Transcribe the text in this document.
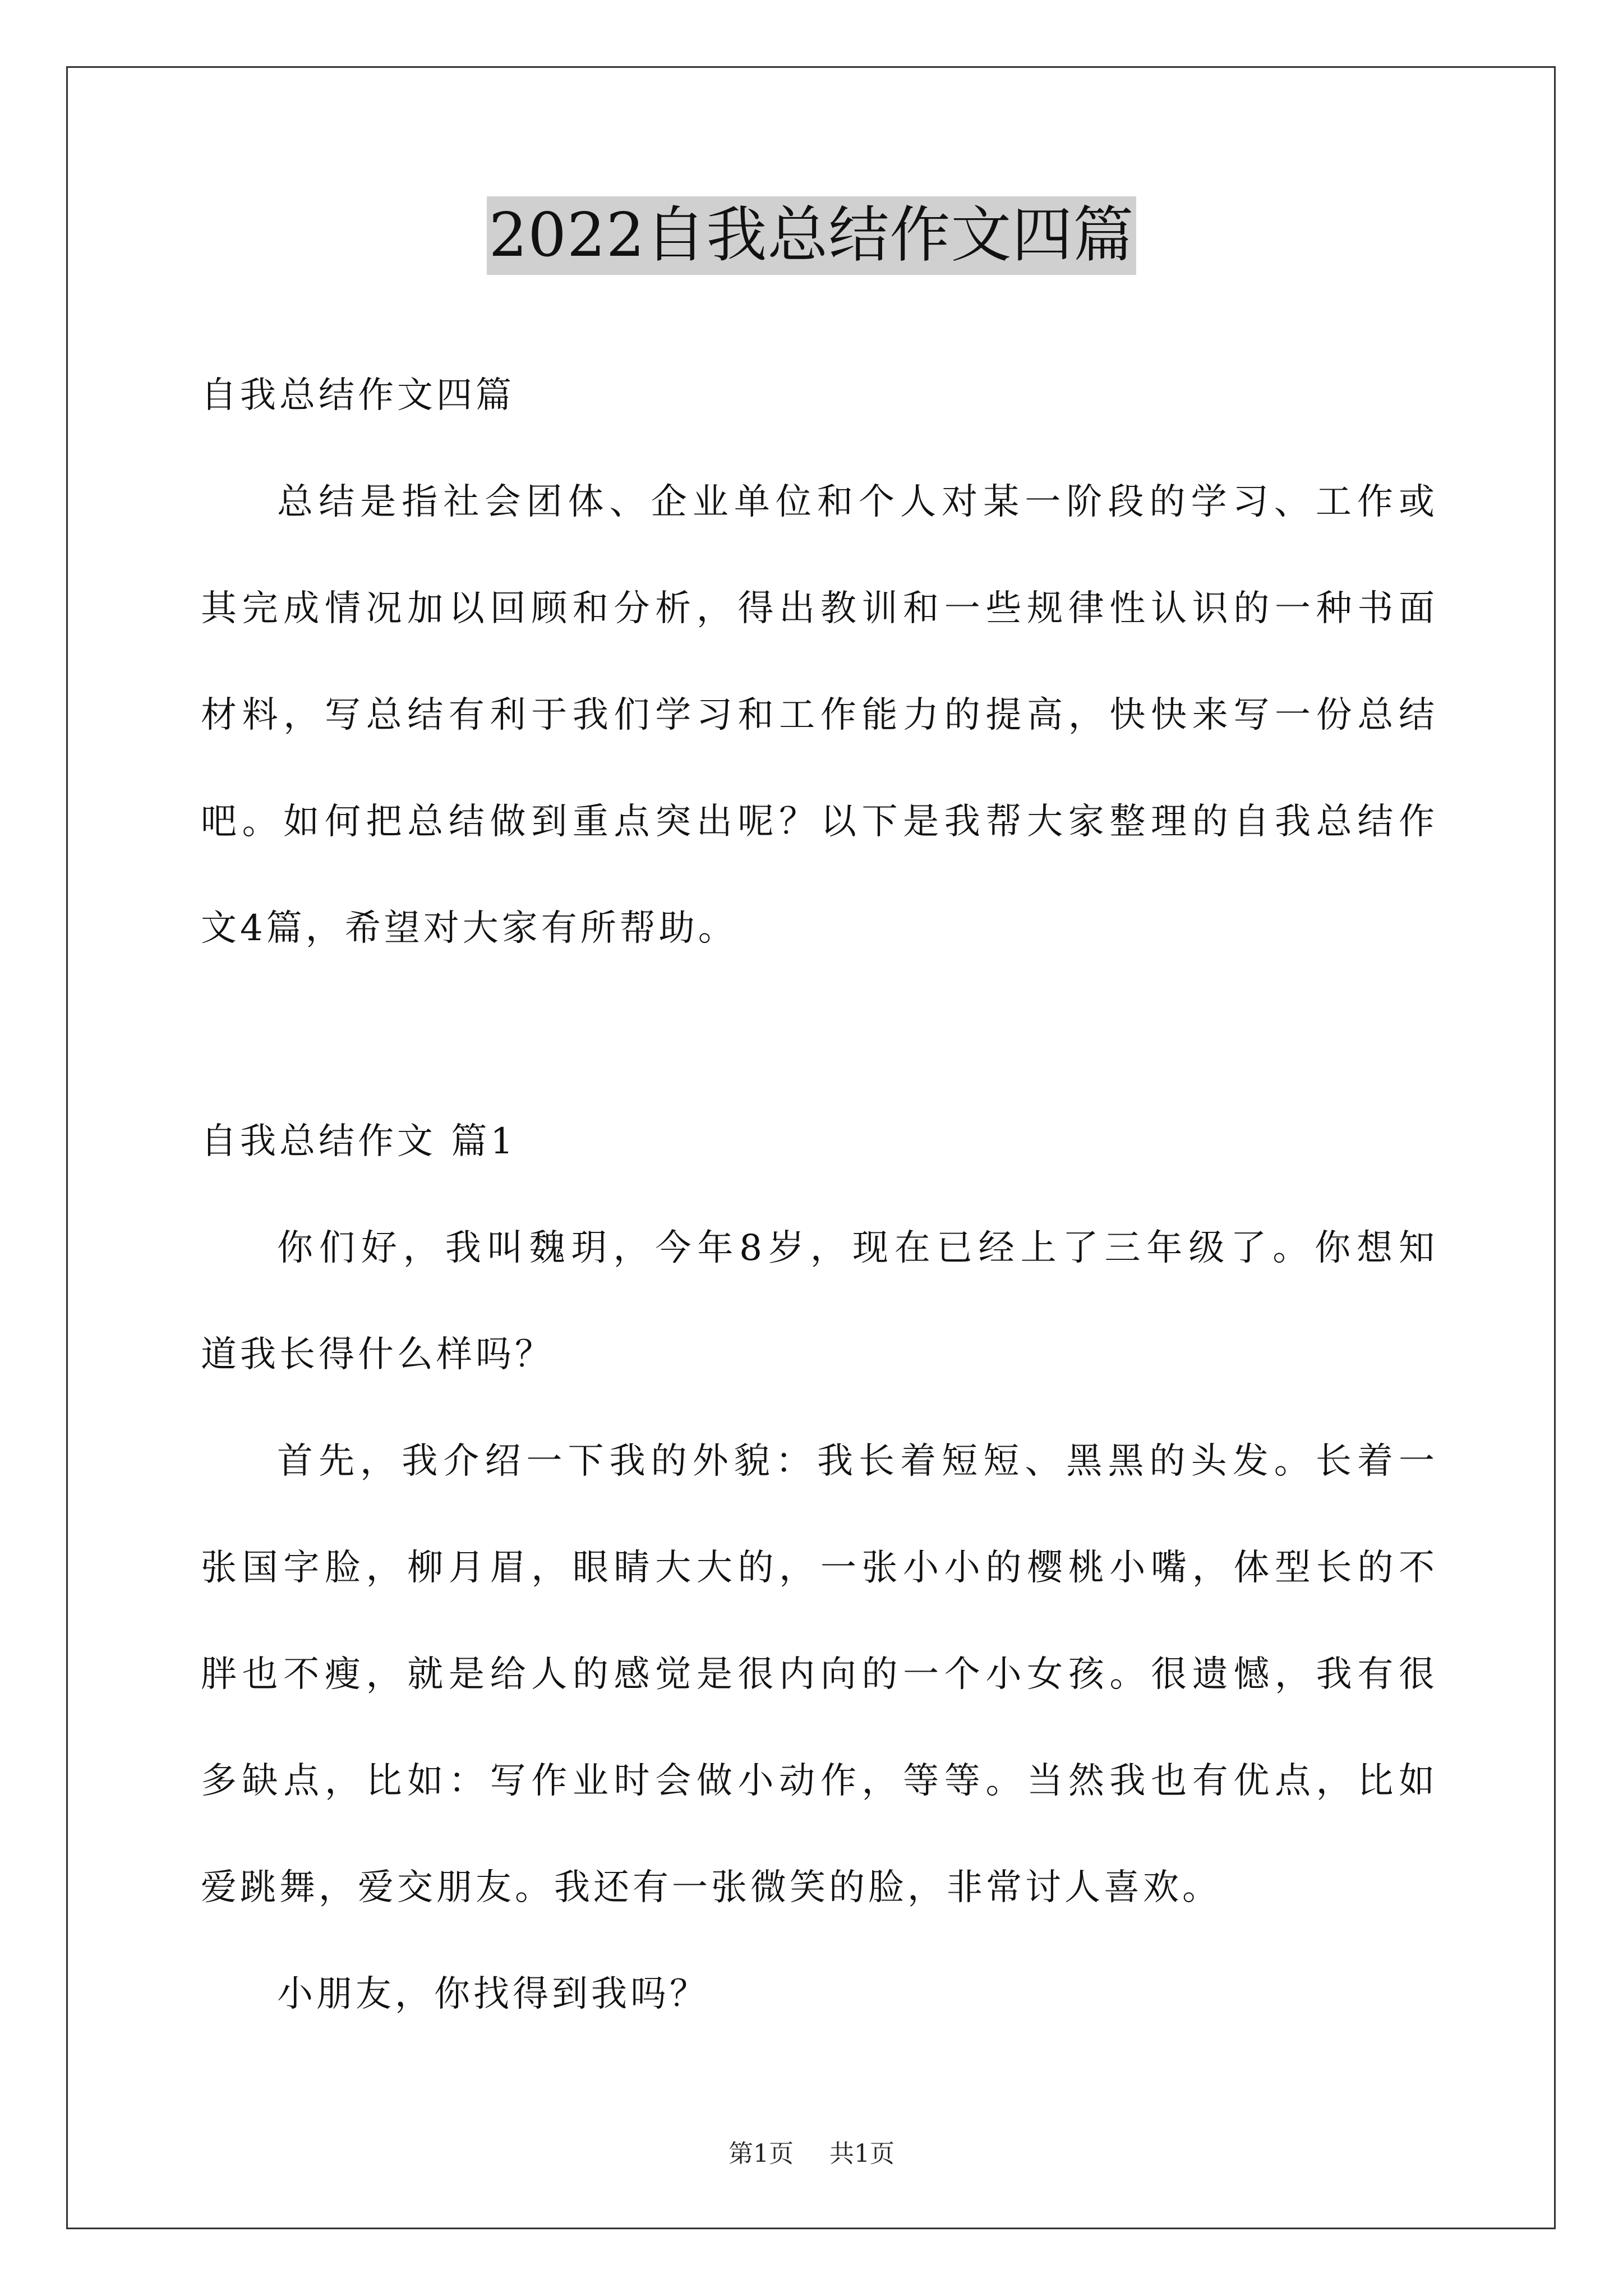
2022自我总结作文四篇
自我总结作文四篇
总结是指社会团体、企业单位和个人对某一阶段的学习、工作或
其完成情况加以回顾和分析，得出教训和一些规律性认识的一种书面
材料，写总结有利于我们学习和工作能力的提高，快快来写一份总结
吧。如何把总结做到重点突出呢？以下是我帮大家整理的自我总结作
文4篇，希望对大家有所帮助。
自我总结作文 篇1
你们好，我叫魏玥，今年8岁，现在已经上了三年级了。你想知
道我长得什么样吗？
首先，我介绍一下我的外貌：我长着短短、黑黑的头发。长着一
张国字脸，柳月眉，眼睛大大的，一张小小的樱桃小嘴，体型长的不
胖也不瘦，就是给人的感觉是很内向的一个小女孩。很遗憾，我有很
多缺点，比如：写作业时会做小动作，等等。当然我也有优点，比如
爱跳舞，爱交朋友。我还有一张微笑的脸，非常讨人喜欢。
小朋友，你找得到我吗？
第1页 共1页
